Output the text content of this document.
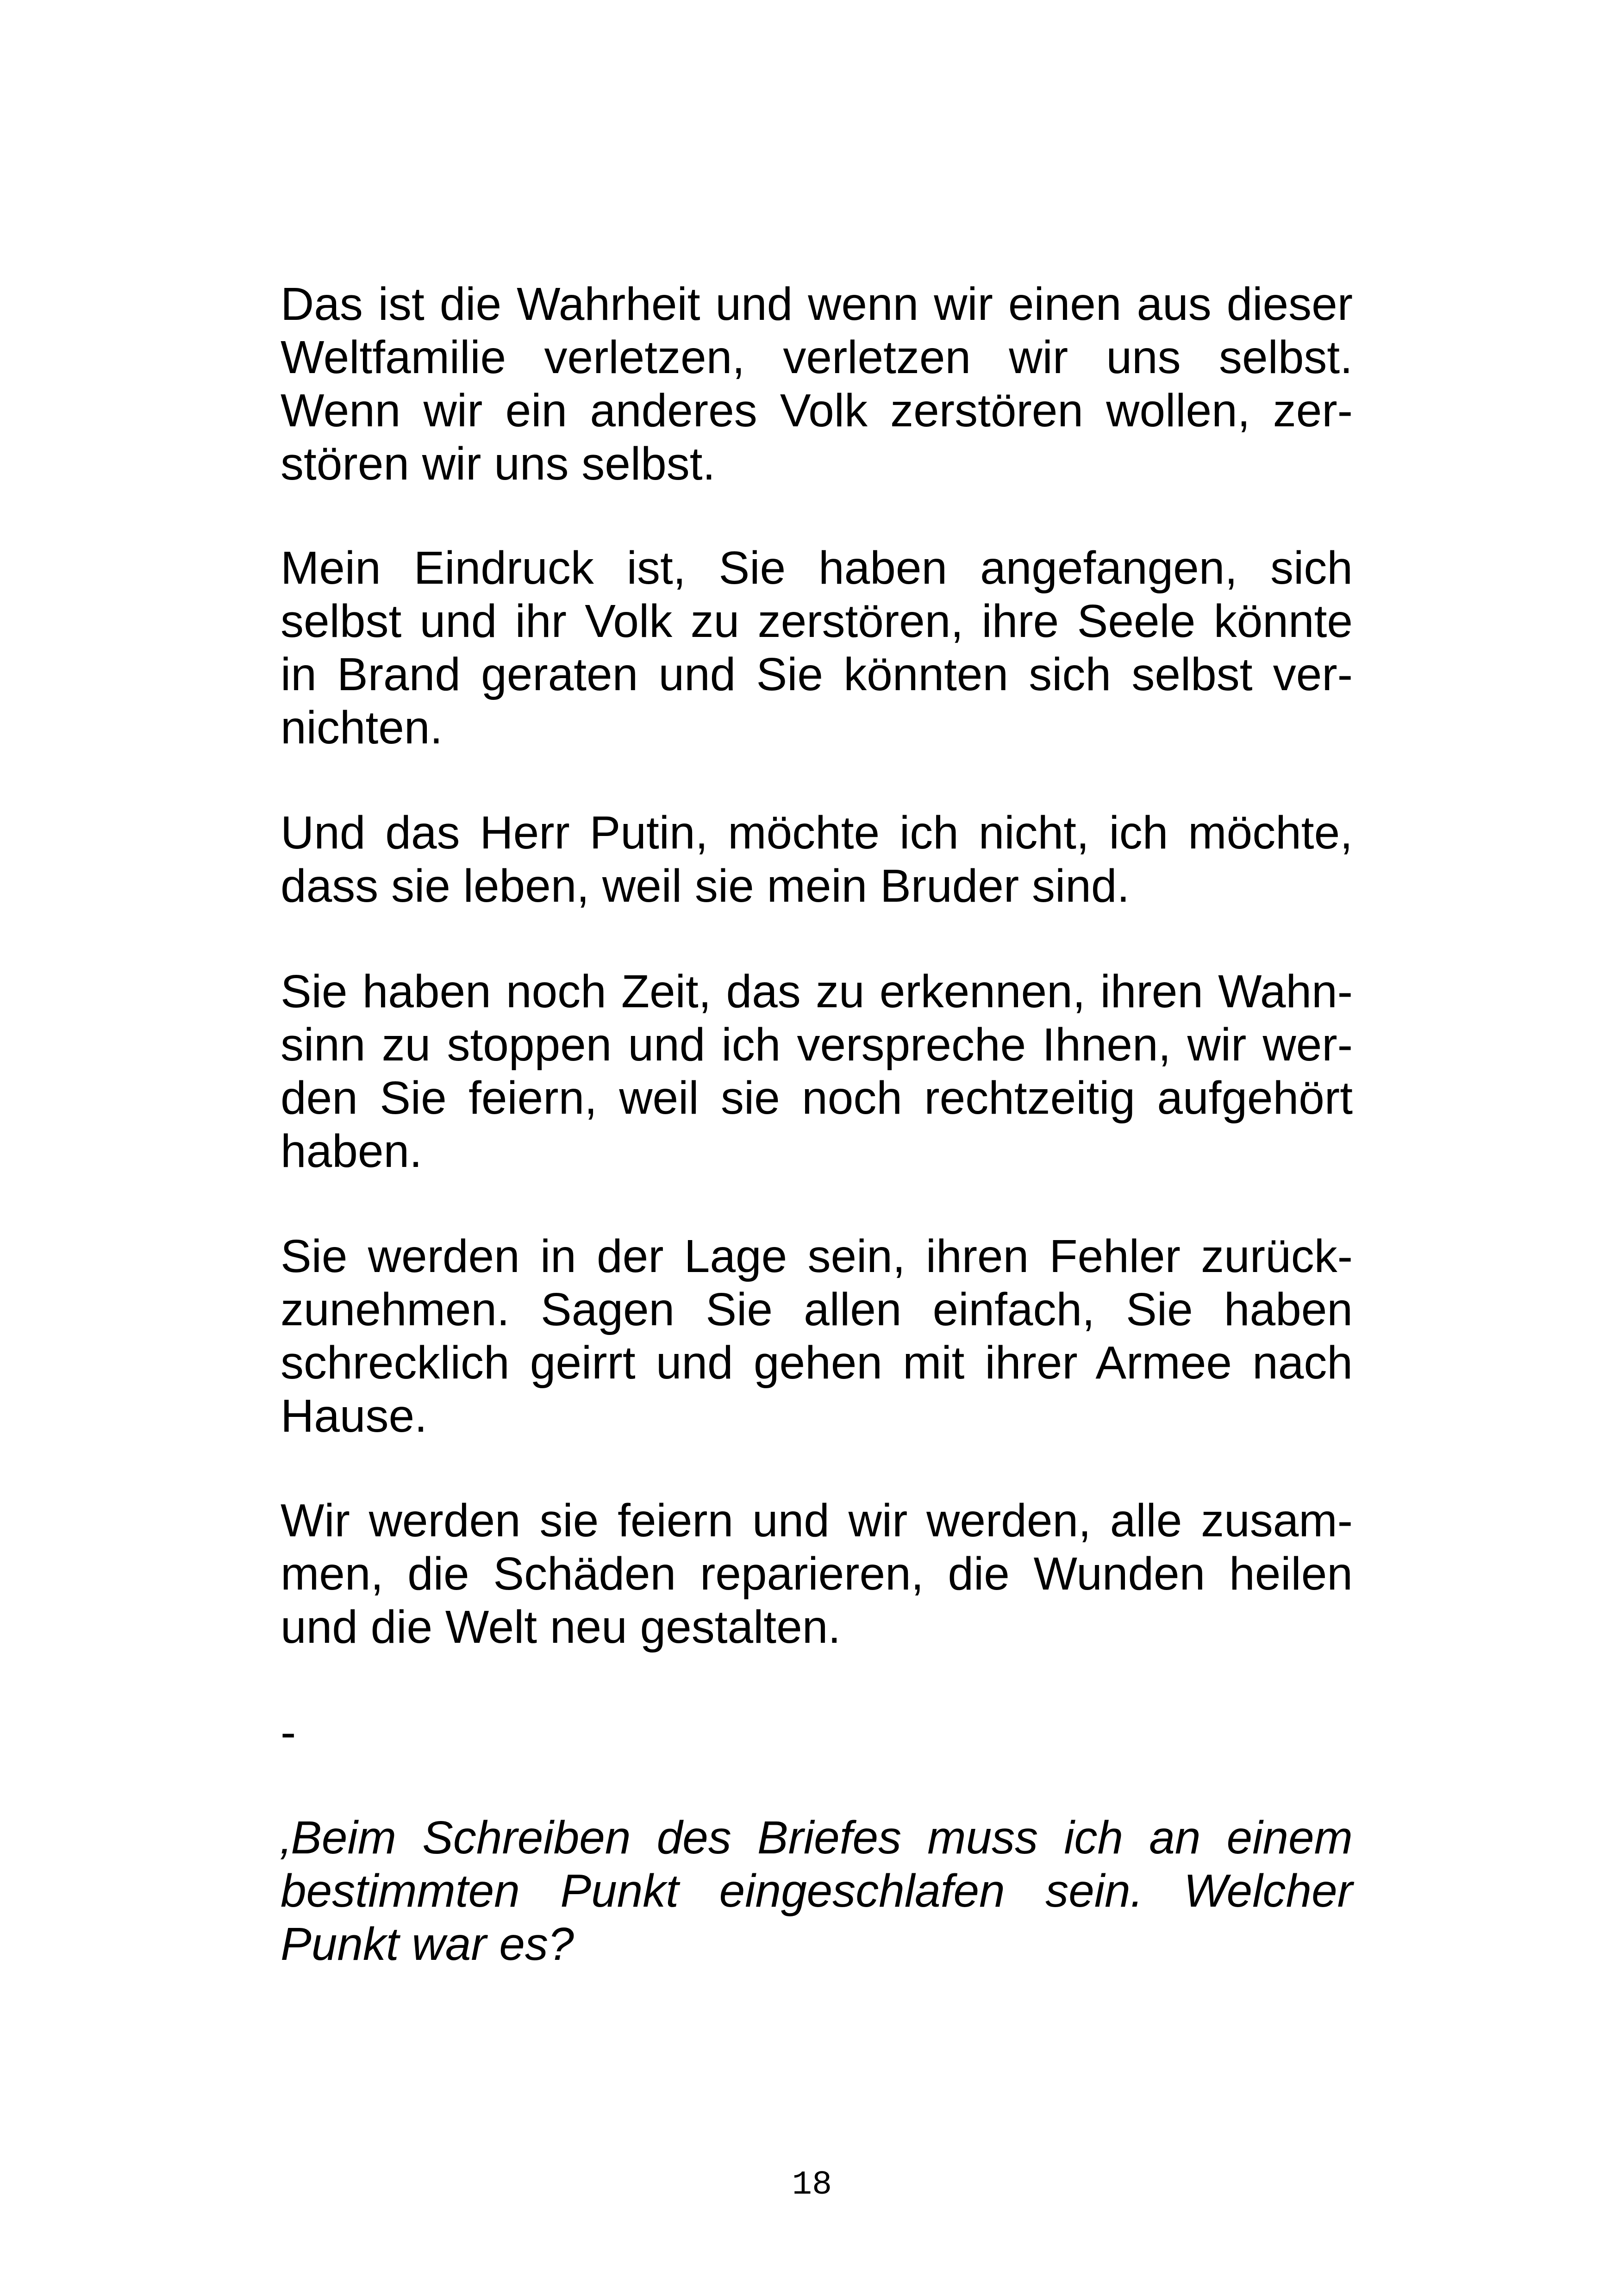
Das ist die Wahrheit und wenn wir einen aus dieser
Weltfamilie verletzen, verletzen wir uns selbst.
Wenn wir ein anderes Volk zerstören wollen, zer-
stören wir uns selbst.
Mein Eindruck ist, Sie haben angefangen, sich
selbst und ihr Volk zu zerstören, ihre Seele könnte
in Brand geraten und Sie könnten sich selbst ver-
nichten.
Und das Herr Putin, möchte ich nicht, ich möchte,
dass sie leben, weil sie mein Bruder sind.
Sie haben noch Zeit, das zu erkennen, ihren Wahn-
sinn zu stoppen und ich verspreche Ihnen, wir wer-
den Sie feiern, weil sie noch rechtzeitig aufgehört
haben.
Sie werden in der Lage sein, ihren Fehler zurück-
zunehmen. Sagen Sie allen einfach, Sie haben
schrecklich geirrt und gehen mit ihrer Armee nach
Hause.
Wir werden sie feiern und wir werden, alle zusam-
men, die Schäden reparieren, die Wunden heilen
und die Welt neu gestalten.
-
‚Beim Schreiben des Briefes muss ich an einem
bestimmten Punkt eingeschlafen sein. Welcher
Punkt war es?
18
